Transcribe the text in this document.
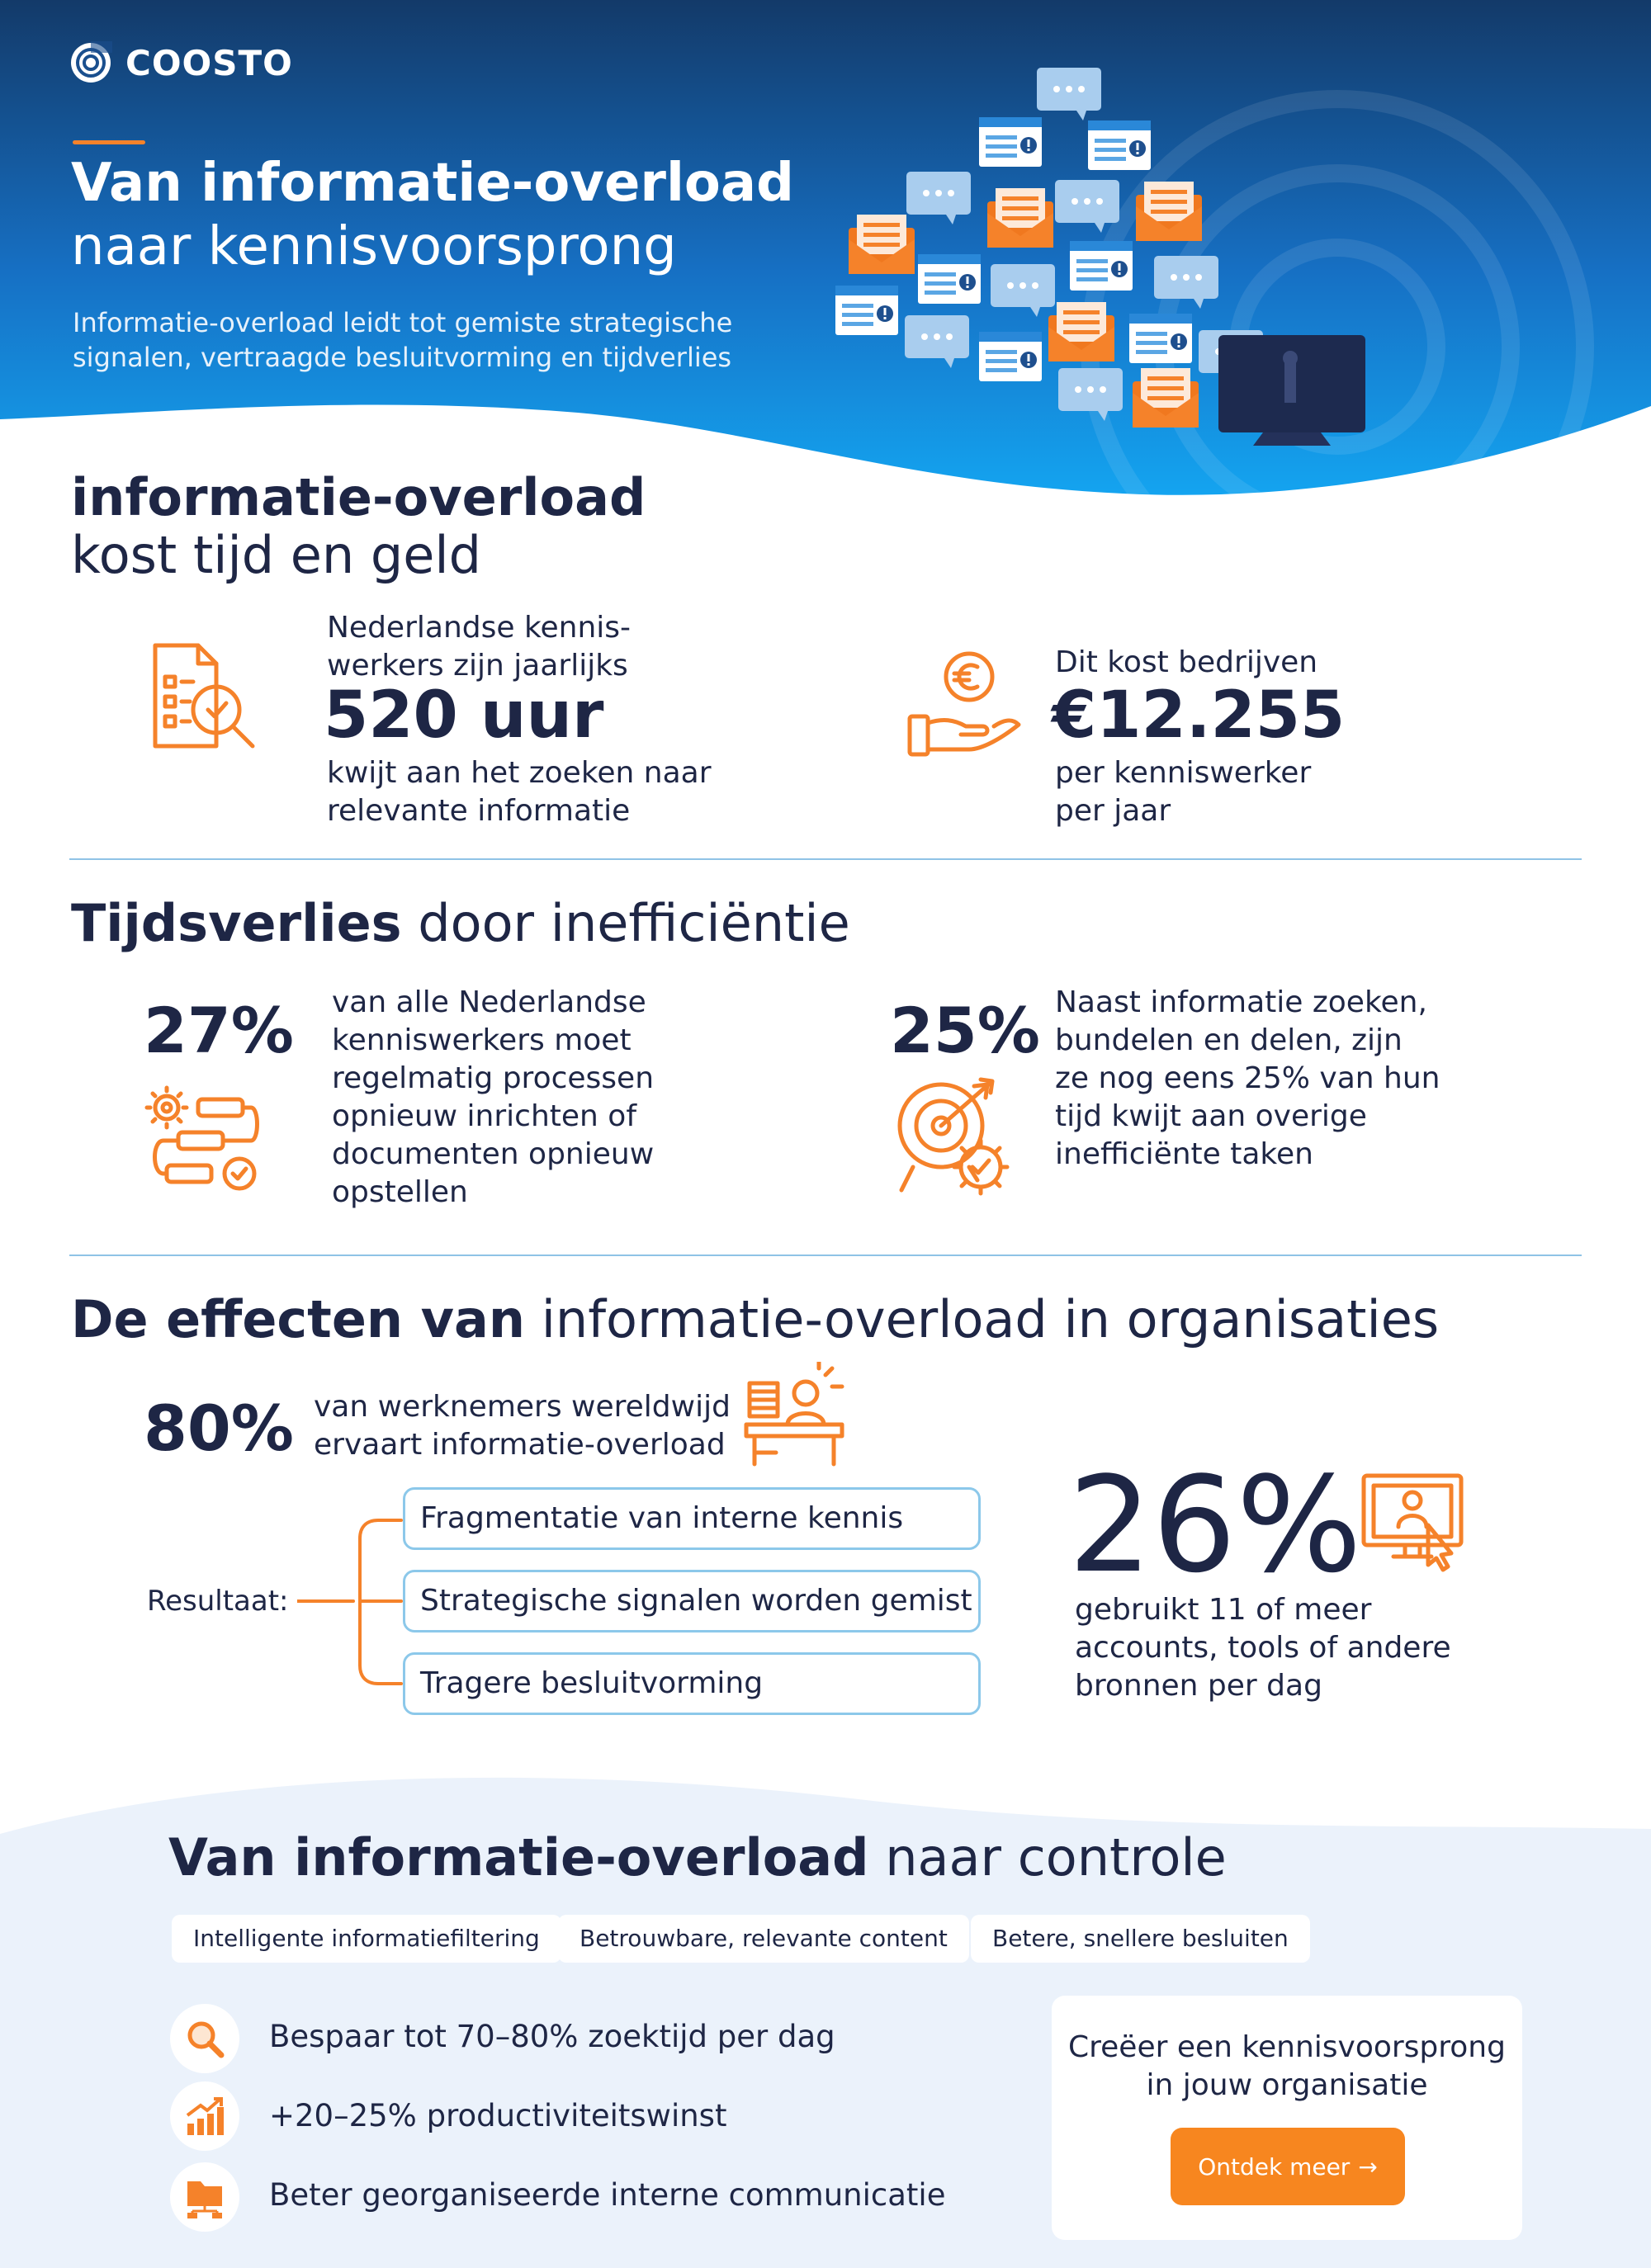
COOSTO
Van informatie-overload
naar kennisvoorsprong
Informatie-overload leidt tot gemiste strategische signalen, vertraagde besluitvorming en tijdverlies
informatie-overload
kost tijd en geld
Nederlandse kennis-
werkers zijn jaarlijks
520 uur
kwijt aan het zoeken naar relevante informatie
Dit kost bedrijven
€12.255
per kenniswerker per jaar
Tijdsverlies door inefficiëntie
27% van alle Nederlandse kenniswerkers moet regelmatig processen opnieuw inrichten of documenten opnieuw opstellen
25% Naast informatie zoeken, bundelen en delen, zijn ze nog eens 25% van hun tijd kwijt aan overige inefficiënte taken
De effecten van informatie-overload in organisaties
80% van werknemers wereldwijd ervaart informatie-overload
Resultaat:
Fragmentatie van interne kennis
Strategische signalen worden gemist
Tragere besluitvorming
26%
gebruikt 11 of meer accounts, tools of andere bronnen per dag
Van informatie-overload naar controle
Intelligente informatiefiltering	Betrouwbare, relevante content	Betere, snellere besluiten
Bespaar tot 70–80% zoektijd per dag
+20–25% productiviteitswinst
Beter georganiseerde interne communicatie
Creëer een kennisvoorsprong in jouw organisatie
Ontdek meer →
